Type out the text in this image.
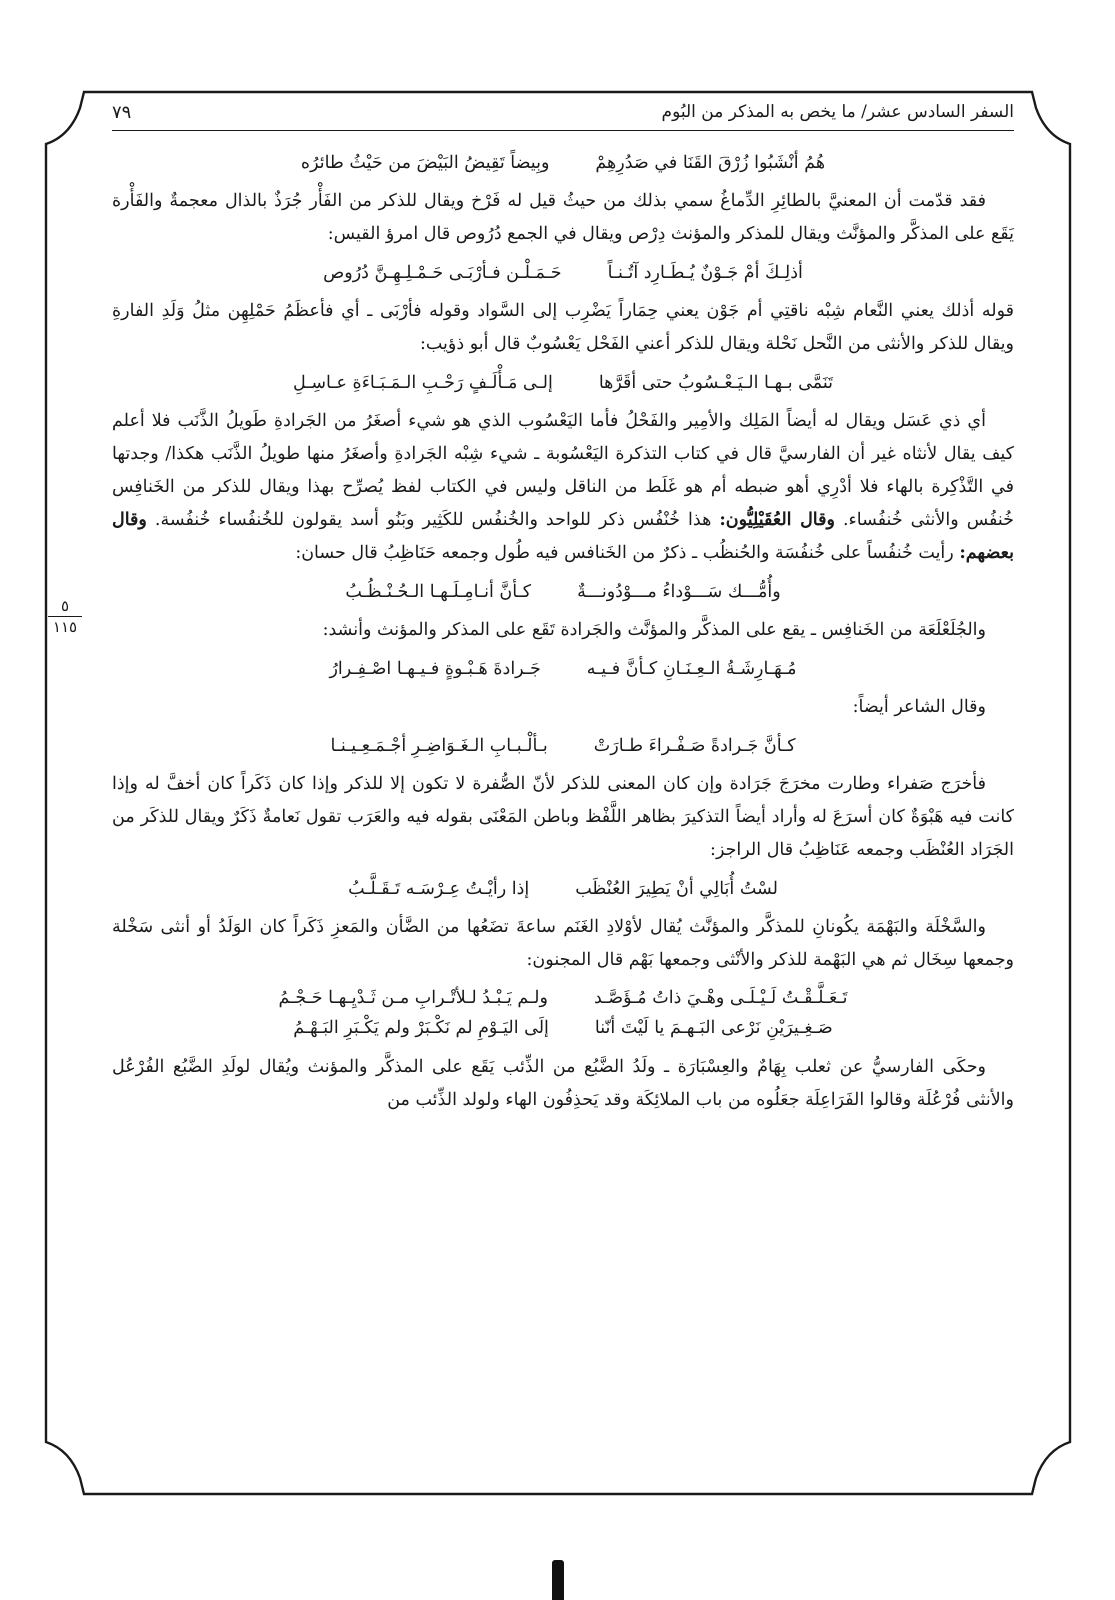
السفر السادس عشر/ ما يخص به المذكر من البُوم
٧٩
هُمُ أنْشَبُوا زُرْقَ القَنَا في صَدُرِهِمْ
وبِيضاً تَقِيضُ البَيْضَ من حَيْثُ طائرُه

فقد قدّمت أن المعنيَّ بالطائِرِ الدِّماغُ سمي بذلك من حيثُ قيل له فَرْخ ويقال للذكر من الفَأْر جُرَذٌ بالذال معجمةٌ والفَأْرة يَقَع على المذكَّر والمؤنَّث ويقال للمذكر والمؤنث دِرْص ويقال في الجمع دُرُوص قال امرؤ القيس:

أذلِـكَ أمْ جَـوْنٌ يُـطَـارِد آتُـنـاً
حَـمَـلْـن فـأرْبَـى حَـمْـلِـهِـنَّ دُرُوص

قوله أذلك يعني النَّعام شِبْه ناقتِي أم جَوْن يعني حِمَاراً يَضْرِب إلى السَّواد وقوله فأرْبَى ـ أي فأعظَمُ حَمْلِهِن مثلُ وَلَدِ الفارةِ ويقال للذكر والأنثى من النَّحل نَحْلة ويقال للذكر أعني الفَحْل يَعْسُوبٌ قال أبو ذؤيب:

تَنَمَّى بـهـا الـيَـعْـسُوبُ حتى أقَرَّها
إلـى مَـأْلَـفٍ رَحْـبِ الـمَـبَـاءَةِ عـاسِـلِ

أي ذي عَسَل ويقال له أيضاً المَلِك والأمِير والفَحْلُ فأما اليَعْسُوب الذي هو شيء أصغَرُ من الجَرادةِ طَويلُ الذَّنَب فلا أعلم كيف يقال لأنثاه غير أن الفارسيَّ قال في كتاب التذكرة اليَعْسُوبة ـ شيء شِبْه الجَرادةِ وأصغَرُ منها طويلُ الذَّنَب هكذا/ وجدتها في التَّذْكِرة بالهاء فلا أدْرِي أهو ضبطه أم هو غَلَط من الناقل وليس في الكتاب لفظ يُصرِّح بهذا ويقال للذكر من الخَنافِس خُنفُس والأنثى خُنفُساء. وقال العُقَيْلِيُّون: هذا خُنْفُس ذكر للواحد والخُنفُس للكَثِير وبَنُو أسد يقولون للخُنفُساء خُنفُسة. وقال بعضهم: رأيت خُنفُساً على خُنفُسَة والحُنظُب ـ ذكرٌ من الخَنافس فيه طُول وجمعه حَنَاظِبُ قال حسان:

وأُمُّـــك سَـــوْداءُ مـــوْدُونـــةٌ
كـأنَّ أنـامِـلَـهـا الـحُـنْـظُـبُ

والجُلَعْلَعَة من الخَنافِس ـ يقع على المذكَّر والمؤنَّث والجَرادة تَقَع على المذكر والمؤنث وأنشد:

مُـهَـارِشَـةُ الـعِـنَـانِ كـأنَّ فـيـه
جَـرادةَ هَـبْـوةٍ فـيـهـا اصْـفِـرارُ

وقال الشاعر أيضاً:

كـأنَّ جَـرادةً صَـفْـراءَ طـارَتْ
بـألْـبـابِ الـغَـوَاضِـرِ أجْـمَـعِـيـنـا

فأخرَج صَفراء وطارت مخرَجَ جَرَادة وإن كان المعنى للذكر لأنّ الصُّفرة لا تكون إلا للذكر وإذا كان ذَكَراً كان أخفَّ له وإذا كانت فيه هَبْوَةٌ كان أسرَعَ له وأراد أيضاً التذكيرَ بظاهر اللَّفْظ وباطن المَعْنَى بقوله فيه والعَرَب تقول نَعامةٌ ذَكَرٌ ويقال للذكَر من الجَرَاد العُنْظَب وجمعه عَنَاظِبُ قال الراجز:

لسْتُ أُبَالِي أنْ يَطِيرَ العُنْظَب
إذا رأيْـتُ عِـرْسَـه تَـقَـلَّـبُ

والسَّخْلَة والبَهْمَة يكُونانِ للمذكَّر والمؤنَّث يُقال لأوْلادِ الغَنَم ساعةَ تضَعُها من الضَّأن والمَعزِ ذَكَراً كان الوَلَدُ أو أنثى سَخْلة وجمعها سِخَال ثم هي البَهْمة للذكر والأنْثى وجمعها بَهْم قال المجنون:

تَـعَـلَّـقْـتُ لَـيْـلَـى وهْـيَ ذاتُ مُـؤَصَّـد
ولـم يَـبْـدُ لـلأتْـرابِ مـن ثَـدْيِـهـا حَـجْـمُ
صَـغِـيرَيْنِ نَرْعى البَـهـمَ يا لَيْتَ أنّنا
إلَى اليَـوْمِ لم نَكْـبَرْ ولم يَكْـبَرِ البَـهْـمُ

وحكَى الفارسيُّ عن ثعلب بِهَامٌ والعِسْبَارَة ـ ولَدُ الضَّبُع من الذِّئب يَقَع على المذكَّر والمؤنث ويُقال لولَدِ الضَّبُع الفُرْعُل والأنثى فُرْعُلَة وقالوا الفَرَاعِلَة جعَلُوه من باب الملائِكَة وقد يَحذِفُون الهاء ولولد الذِّئب من

٥
١١٥
